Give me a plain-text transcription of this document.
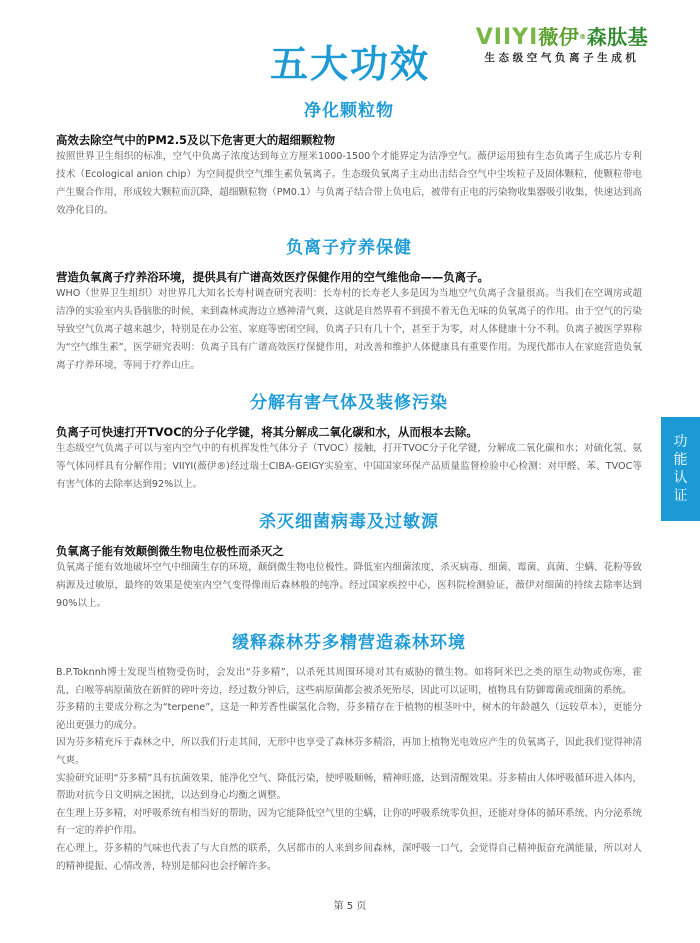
VIIYI薇伊®森肽基
生态级空气负离子生成机
五大功效
净化颗粒物
高效去除空气中的PM2.5及以下危害更大的超细颗粒物
按照世界卫生组织的标准，空气中负离子浓度达到每立方厘米1000-1500个才能界定为洁净空气。薇伊运用独有生态负离子生成芯片专利技术（Ecological anion chip）为空间提供空气维生素负氧离子。生态级负氧离子主动出击结合空气中尘埃粒子及固体颗粒，使颗粒带电产生聚合作用，形成较大颗粒而沉降，超细颗粒物（PM0.1）与负离子结合带上负电后，被带有正电的污染物收集器吸引收集，快速达到高效净化目的。
负离子疗养保健
营造负氧离子疗养浴环境，提供具有广谱高效医疗保健作用的空气维他命——负离子。
WHO（世界卫生组织）对世界几大知名长寿村调查研究表明：长寿村的长寿老人多是因为当地空气负离子含量很高。当我们在空调房或超洁净的实验室内头昏脑胀的时候，来到森林或海边立感神清气爽，这就是自然界看不到摸不着无色无味的负氧离子的作用。由于空气的污染导致空气负离子越来越少，特别是在办公室、家庭等密闭空间，负离子只有几十个，甚至于为零，对人体健康十分不利。负离子被医学界称为“空气维生素”，医学研究表明：负离子具有广谱高效医疗保健作用，对改善和维护人体健康具有重要作用。为现代都市人在家庭营造负氧离子疗养环境，等同于疗养山庄。
分解有害气体及装修污染
负离子可快速打开TVOC的分子化学键，将其分解成二氧化碳和水，从而根本去除。
生态级空气负离子可以与室内空气中的有机挥发性气体分子（TVOC）接触，打开TVOC分子化学键，分解成二氧化碳和水；对硫化氢、氨等气体同样具有分解作用；VIIYI(薇伊®)经过瑞士CIBA-GEIGY实验室、中国国家环保产品质量监督检验中心检测：对甲醛、苯、TVOC等有害气体的去除率达到92%以上。
杀灭细菌病毒及过敏源
负氧离子能有效颠倒微生物电位极性而杀灭之
负氧离子能有效地破坏空气中细菌生存的环境，颠倒微生物电位极性。降低室内细菌浓度，杀灭病毒、细菌、霉菌、真菌、尘螨、花粉等致病源及过敏原，最终的效果是使室内空气变得像雨后森林般的纯净。经过国家疾控中心，医科院检测验证，薇伊对细菌的持续去除率达到90%以上。
缓释森林芬多精营造森林环境
B.P.Toknnh博士发现当植物受伤时，会发出“芬多精”，以杀死其周围环境对其有威胁的微生物。如将阿米巴之类的原生动物或伤寒，霍乱，白喉等病原菌放在新鲜的碎叶旁边，经过数分钟后，这些病原菌都会被杀死殆尽，因此可以证明，植物具有防御霉菌或细菌的系统。
芬多精的主要成分称之为“terpene”，这是一种芳香性碳氢化合物，芬多精存在于植物的根茎叶中，树木的年龄越久（远较草本），更能分泌出更强力的成分。
因为芬多精充斥于森林之中，所以我们行走其间，无形中也享受了森林芬多精浴，再加上植物光电效应产生的负氧离子，因此我们觉得神清气爽。
实验研究证明“芬多精”具有抗菌效果，能净化空气、降低污染，使呼吸顺畅，精神旺盛，达到清醒效果。芬多精由人体呼吸循环进入体内，帮助对抗今日文明病之困扰，以达到身心均衡之调整。
在生理上芬多精，对呼吸系统有相当好的帮助，因为它能降低空气里的尘螨，让你的呼吸系统零负担，还能对身体的循环系统、内分泌系统有一定的养护作用。
在心理上，芬多精的气味也代表了与大自然的联系，久居都市的人来到乡间森林，深呼吸一口气，会觉得自己精神振奋充满能量，所以对人的精神提振、心情改善，特别是郁闷也会抒解许多。
功
能
认
证
第 5 页
